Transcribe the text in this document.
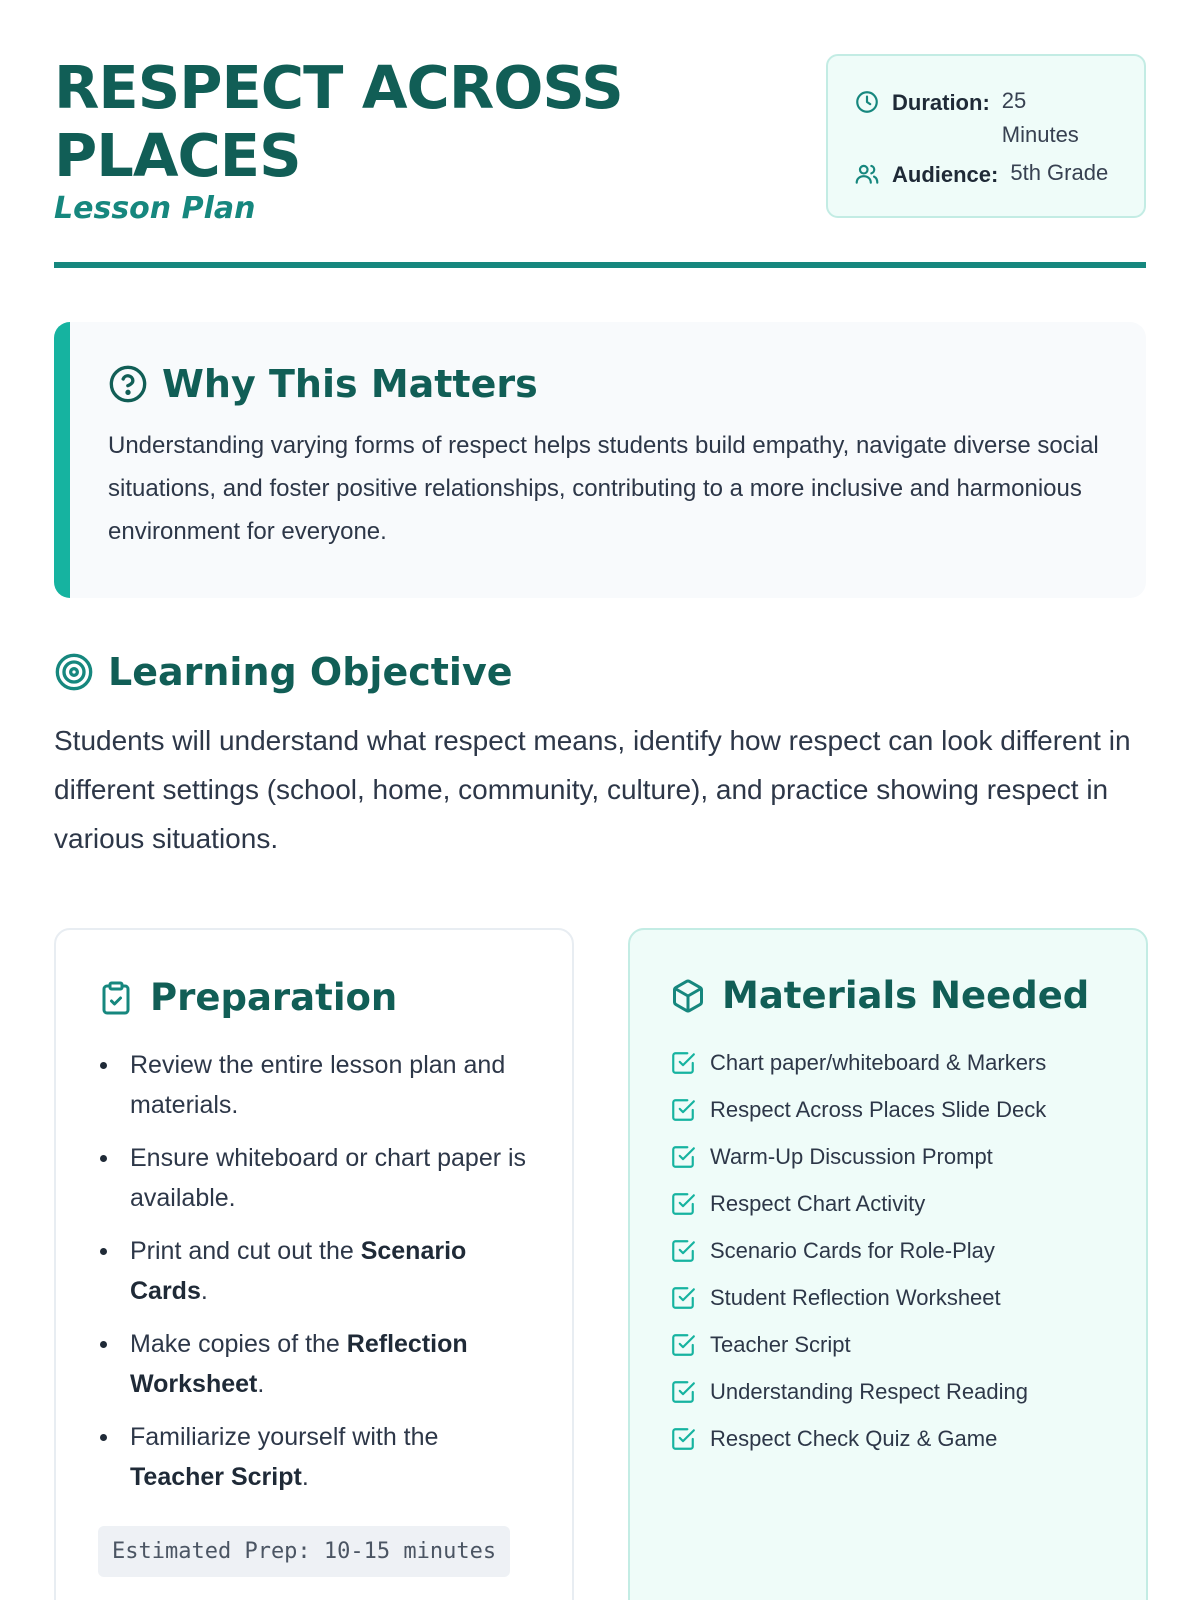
RESPECT ACROSS PLACES
Lesson Plan
Duration: 25 Minutes
Audience: 5th Grade
Why This Matters

Understanding varying forms of respect helps students build empathy, navigate diverse social situations, and foster positive relationships, contributing to a more inclusive and harmonious environment for everyone.

Learning Objective

Students will understand what respect means, identify how respect can look different in different settings (school, home, community, culture), and practice showing respect in various situations.

Preparation
Review the entire lesson plan and materials.
Ensure whiteboard or chart paper is available.
Print and cut out the Scenario Cards.
Make copies of the Reflection Worksheet.
Familiarize yourself with the Teacher Script.
Estimated Prep: 10-15 minutes
Materials Needed
Chart paper/whiteboard & Markers
Respect Across Places Slide Deck
Warm-Up Discussion Prompt
Respect Chart Activity
Scenario Cards for Role-Play
Student Reflection Worksheet
Teacher Script
Understanding Respect Reading
Respect Check Quiz & Game
